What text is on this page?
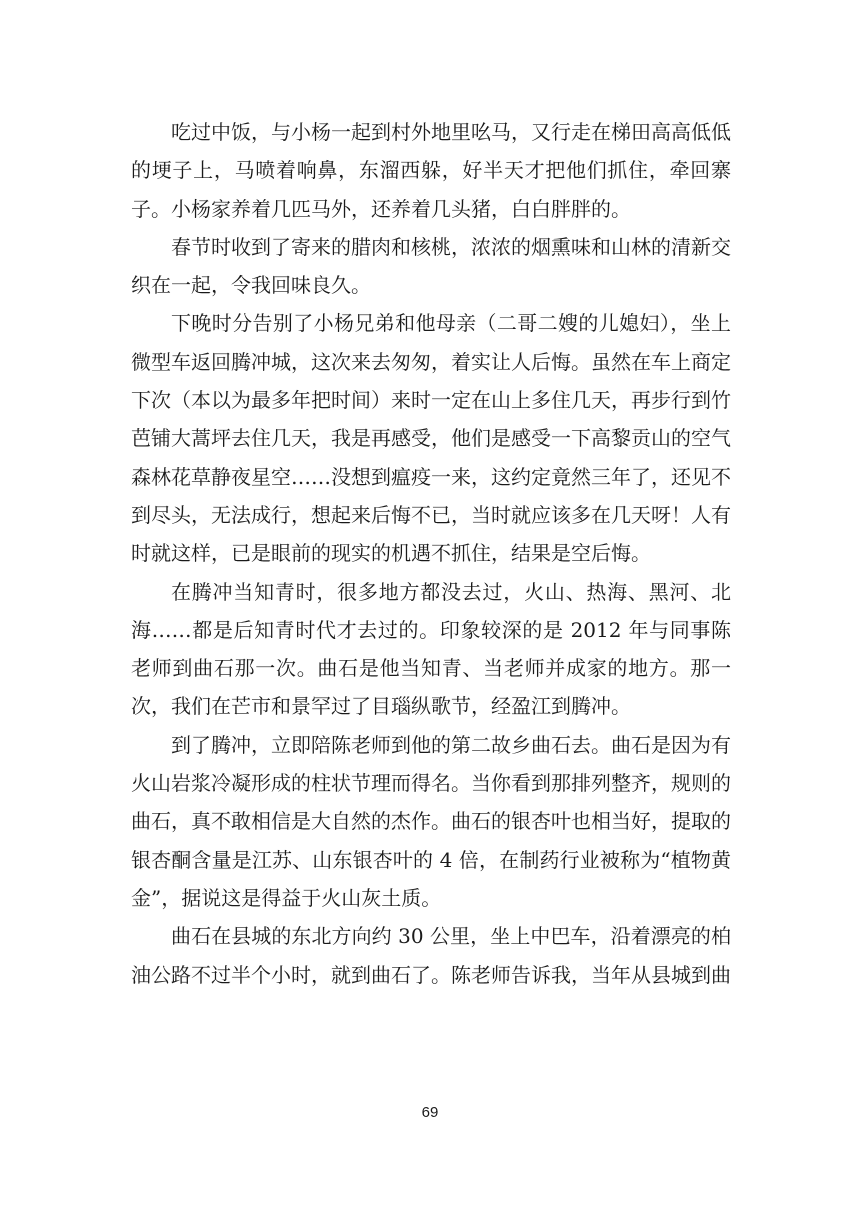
吃过中饭，与小杨一起到村外地里吆马，又行走在梯田高高低低的埂子上，马喷着响鼻，东溜西躲，好半天才把他们抓住，牵回寨子。小杨家养着几匹马外，还养着几头猪，白白胖胖的。

春节时收到了寄来的腊肉和核桃，浓浓的烟熏味和山林的清新交织在一起，令我回味良久。

下晚时分告别了小杨兄弟和他母亲（二哥二嫂的儿媳妇），坐上微型车返回腾冲城，这次来去匆匆，着实让人后悔。虽然在车上商定下次（本以为最多年把时间）来时一定在山上多住几天，再步行到竹芭铺大蒿坪去住几天，我是再感受，他们是感受一下高黎贡山的空气森林花草静夜星空……没想到瘟疫一来，这约定竟然三年了，还见不到尽头，无法成行，想起来后悔不已，当时就应该多在几天呀！人有时就这样，已是眼前的现实的机遇不抓住，结果是空后悔。

在腾冲当知青时，很多地方都没去过，火山、热海、黑河、北海……都是后知青时代才去过的。印象较深的是 2012 年与同事陈老师到曲石那一次。曲石是他当知青、当老师并成家的地方。那一次，我们在芒市和景罕过了目瑙纵歌节，经盈江到腾冲。

到了腾冲，立即陪陈老师到他的第二故乡曲石去。曲石是因为有火山岩浆冷凝形成的柱状节理而得名。当你看到那排列整齐，规则的曲石，真不敢相信是大自然的杰作。曲石的银杏叶也相当好，提取的银杏酮含量是江苏、山东银杏叶的 4 倍，在制药行业被称为“植物黄金”，据说这是得益于火山灰土质。

曲石在县城的东北方向约 30 公里，坐上中巴车，沿着漂亮的柏油公路不过半个小时，就到曲石了。陈老师告诉我，当年从县城到曲

69
